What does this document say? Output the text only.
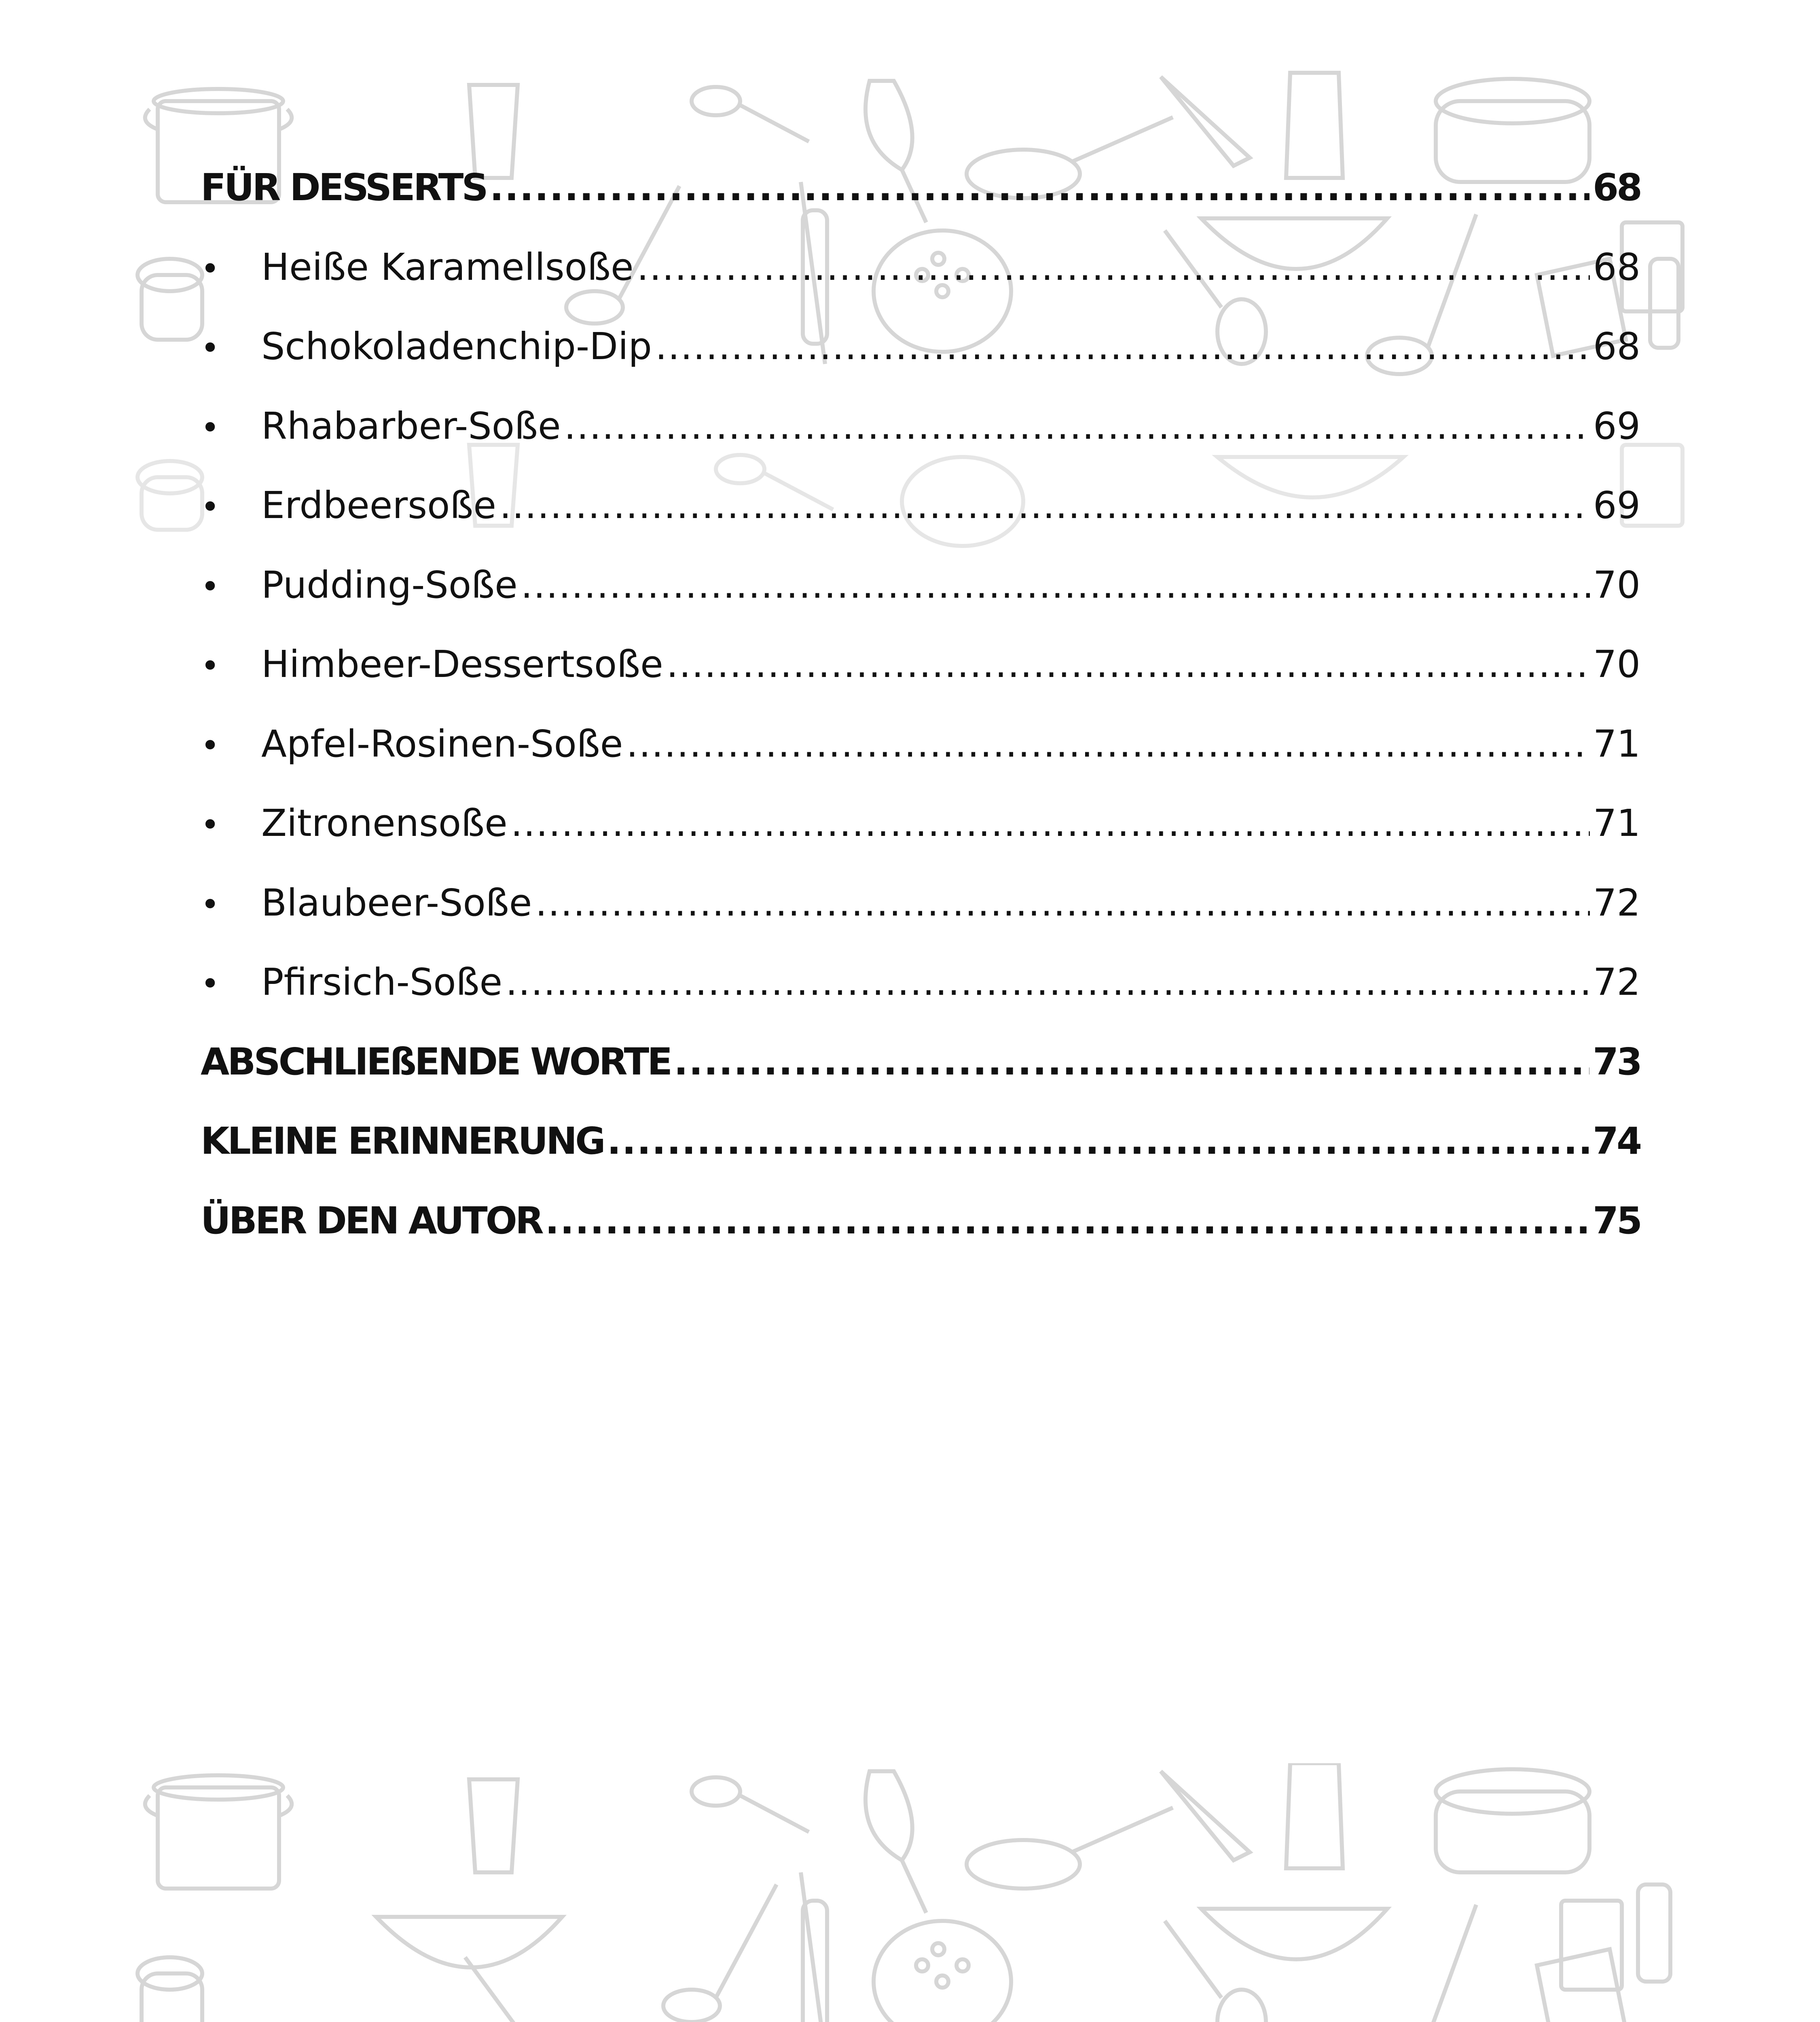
FÜR DESSERTS .....	68
•	Heiße Karamellsoße .....	68
•	Schokoladenchip-Dip .....	68
•	Rhabarber-Soße .....	69
•	Erdbeersoße .....	69
•	Pudding-Soße .....	70
•	Himbeer-Dessertsoße .....	70
•	Apfel-Rosinen-Soße .....	71
•	Zitronensoße .....	71
•	Blaubeer-Soße .....	72
•	Pfirsich-Soße .....	72
ABSCHLIEßENDE WORTE .....	73
KLEINE ERINNERUNG .....	74
ÜBER DEN AUTOR .....	75
